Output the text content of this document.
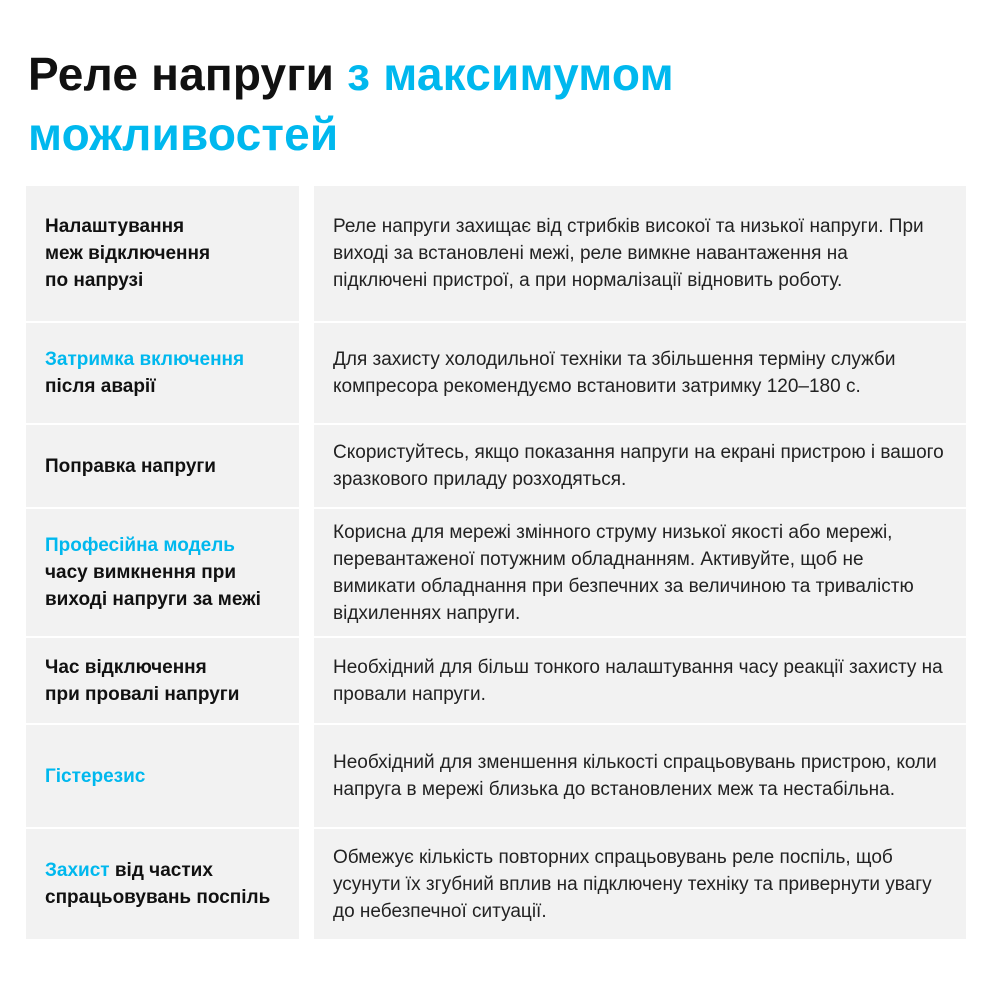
Реле напруги з максимумом
можливостей
Налаштування
меж відключення
по напрузі
Реле напруги захищає від стрибків високої та низької напруги. При виході за встановлені межі, реле вимкне навантаження на підключені пристрої, а при нормалізації відновить роботу.
Затримка включення
після аварії
Для захисту холодильної техніки та збільшення терміну служби компресора рекомендуємо встановити затримку 120–180 с.
Поправка напруги
Скористуйтесь, якщо показання напруги на екрані пристрою і вашого зразкового приладу розходяться.
Професійна модель
часу вимкнення при
виході напруги за межі
Корисна для мережі змінного струму низької якості або мережі, перевантаженої потужним обладнанням. Активуйте, щоб не вимикати обладнання при безпечних за величиною та тривалістю відхиленнях напруги.
Час відключення
при провалі напруги
Необхідний для більш тонкого налаштування часу реакції захисту на провали напруги.
Гістерезис
Необхідний для зменшення кількості спрацьовувань пристрою, коли напруга в мережі близька до встановлених меж та нестабільна.
Захист від частих
спрацьовувань поспіль
Обмежує кількість повторних спрацьовувань реле поспіль, щоб усунути їх згубний вплив на підключену техніку та привернути увагу до небезпечної ситуації.
